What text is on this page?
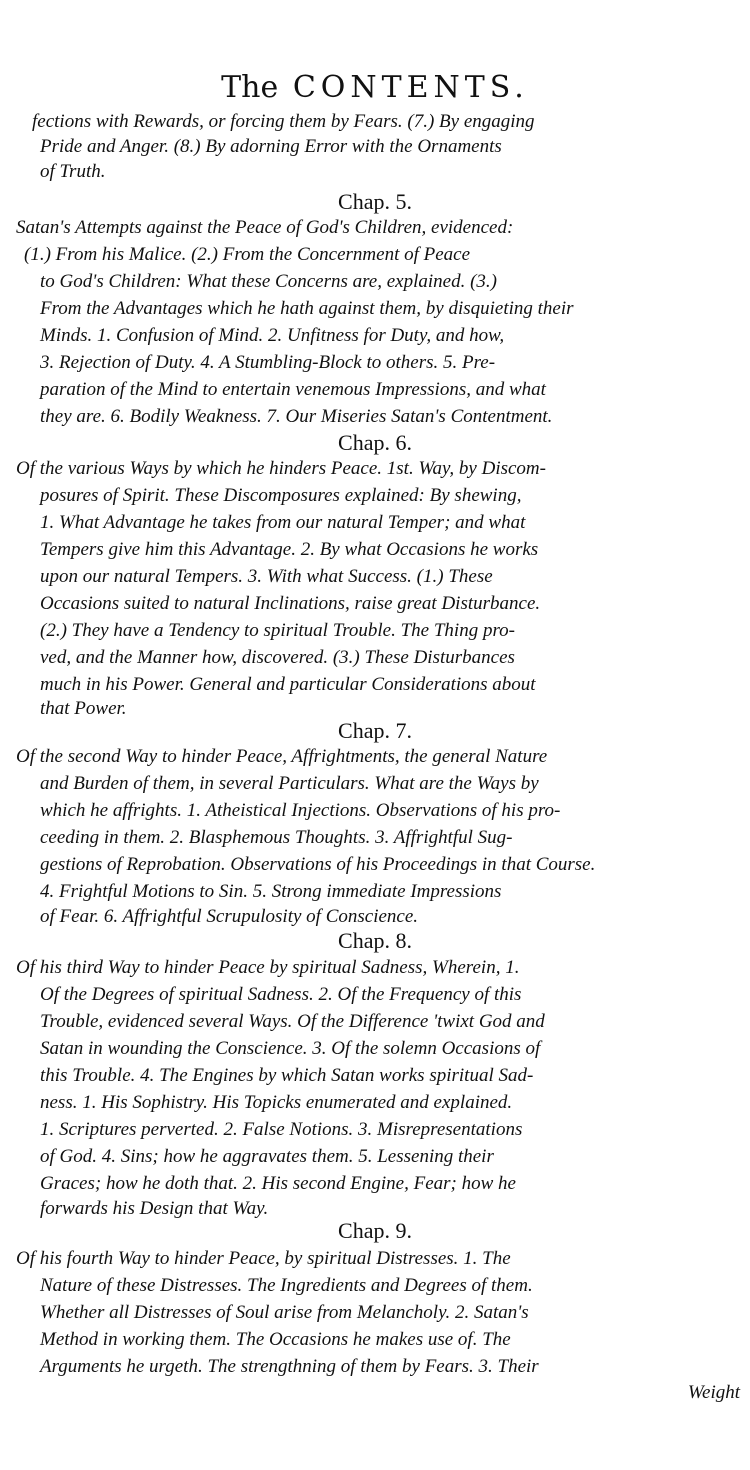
The CONTENTS.
fections with Rewards, or forcing them by Fears. (7.) By engaging
Pride and Anger. (8.) By adorning Error with the Ornaments
of Truth.
Chap. 5.
Satan's Attempts against the Peace of God's Children, evidenced:
(1.) From his Malice. (2.) From the Concernment of Peace
to God's Children: What these Concerns are, explained. (3.)
From the Advantages which he hath against them, by disquieting their
Minds. 1. Confusion of Mind. 2. Unfitness for Duty, and how,
3. Rejection of Duty. 4. A Stumbling-Block to others. 5. Pre-
paration of the Mind to entertain venemous Impressions, and what
they are. 6. Bodily Weakness. 7. Our Miseries Satan's Contentment.
Chap. 6.
Of the various Ways by which he hinders Peace. 1st. Way, by Discom-
posures of Spirit. These Discomposures explained: By shewing,
1. What Advantage he takes from our natural Temper; and what
Tempers give him this Advantage. 2. By what Occasions he works
upon our natural Tempers. 3. With what Success. (1.) These
Occasions suited to natural Inclinations, raise great Disturbance.
(2.) They have a Tendency to spiritual Trouble. The Thing pro-
ved, and the Manner how, discovered. (3.) These Disturbances
much in his Power. General and particular Considerations about
that Power.
Chap. 7.
Of the second Way to hinder Peace, Affrightments, the general Nature
and Burden of them, in several Particulars. What are the Ways by
which he affrights. 1. Atheistical Injections. Observations of his pro-
ceeding in them. 2. Blasphemous Thoughts. 3. Affrightful Sug-
gestions of Reprobation. Observations of his Proceedings in that Course.
4. Frightful Motions to Sin. 5. Strong immediate Impressions
of Fear. 6. Affrightful Scrupulosity of Conscience.
Chap. 8.
Of his third Way to hinder Peace by spiritual Sadness, Wherein, 1.
Of the Degrees of spiritual Sadness. 2. Of the Frequency of this
Trouble, evidenced several Ways. Of the Difference 'twixt God and
Satan in wounding the Conscience. 3. Of the solemn Occasions of
this Trouble. 4. The Engines by which Satan works spiritual Sad-
ness. 1. His Sophistry. His Topicks enumerated and explained.
1. Scriptures perverted. 2. False Notions. 3. Misrepresentations
of God. 4. Sins; how he aggravates them. 5. Lessening their
Graces; how he doth that. 2. His second Engine, Fear; how he
forwards his Design that Way.
Chap. 9.
Of his fourth Way to hinder Peace, by spiritual Distresses. 1. The
Nature of these Distresses. The Ingredients and Degrees of them.
Whether all Distresses of Soul arise from Melancholy. 2. Satan's
Method in working them. The Occasions he makes use of. The
Arguments he urgeth. The strengthning of them by Fears. 3. Their
Weight
